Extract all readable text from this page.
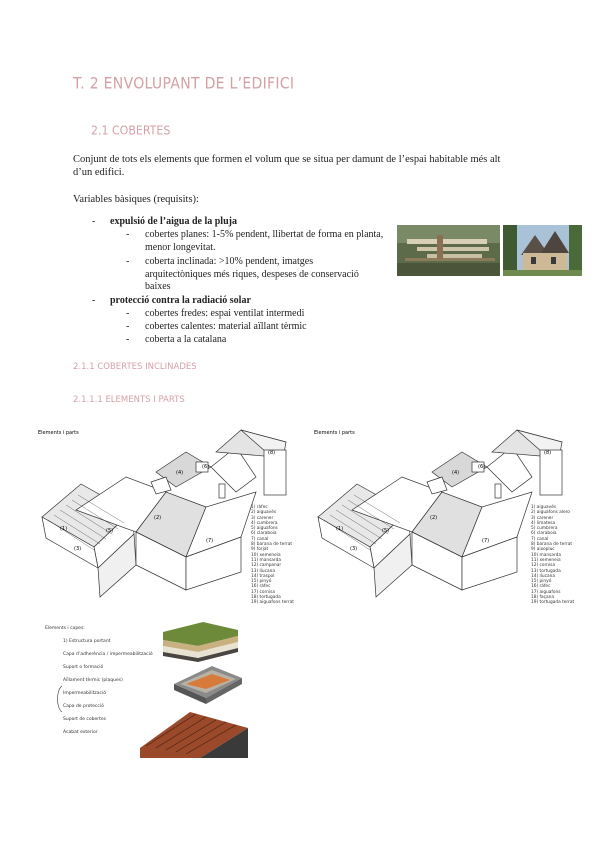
T. 2 ENVOLUPANT DE L’EDIFICI
2.1 COBERTES
Conjunt de tots els elements que formen el volum que se situa per damunt de l’espai habitable més alt d’un edifici.
Variables bàsiques (requisits):
- expulsió de l’aigua de la pluja
- cobertes planes: 1-5% pendent, llibertat de forma en planta, menor longevitat.
- coberta inclinada: >10% pendent, imatges arquitectòniques més riques, despeses de conservació baixes
- protecció contra la radiació solar
- cobertes fredes: espai ventilat intermedi
- cobertes calentes: material aïllant tèrmic
- coberta a la catalana
2.1.1 COBERTES INCLINADES
2.1.1.1 ELEMENTS I PARTS
Elements i parts
(1)
(3)
(2)
(4)
(6)
(8)
(7)
(5)
1) ràfec
2) aiguavés
3) carener
4) cumbrera
5) aiguafons
6) claraboia
7) canal
8) barana de terrat
9) forjat
10) xemeneia
11) mansarda
12) campanar
13) llucana
14) traspol
15) pinyó
16) ràfec
17) cornisa
18) tortugada
19) aiguafons terrat
Elements i parts
(1)
(3)
(2)
(4)
(6)
(8)
(7)
(5)
1) aiguavés
2) aiguafons alero
3) carener
4) limatesa
5) cumbrera
6) claraboia
7) canal
8) barana de terrat
9) aixopluc
10) mansarda
11) xemeneia
12) cornisa
13) tortugada
14) llucana
15) pinyó
16) ràfec
17) aiguafons
18) façana
19) tortugada terrat
Elements i capes:
1) Estructura portant
Capa d’adherència / impermeabilització
Suport o formació
Aïllament tèrmic (plaques)
Impermeabilització
Capa de protecció
Suport de cobertes
Acabat exterior
